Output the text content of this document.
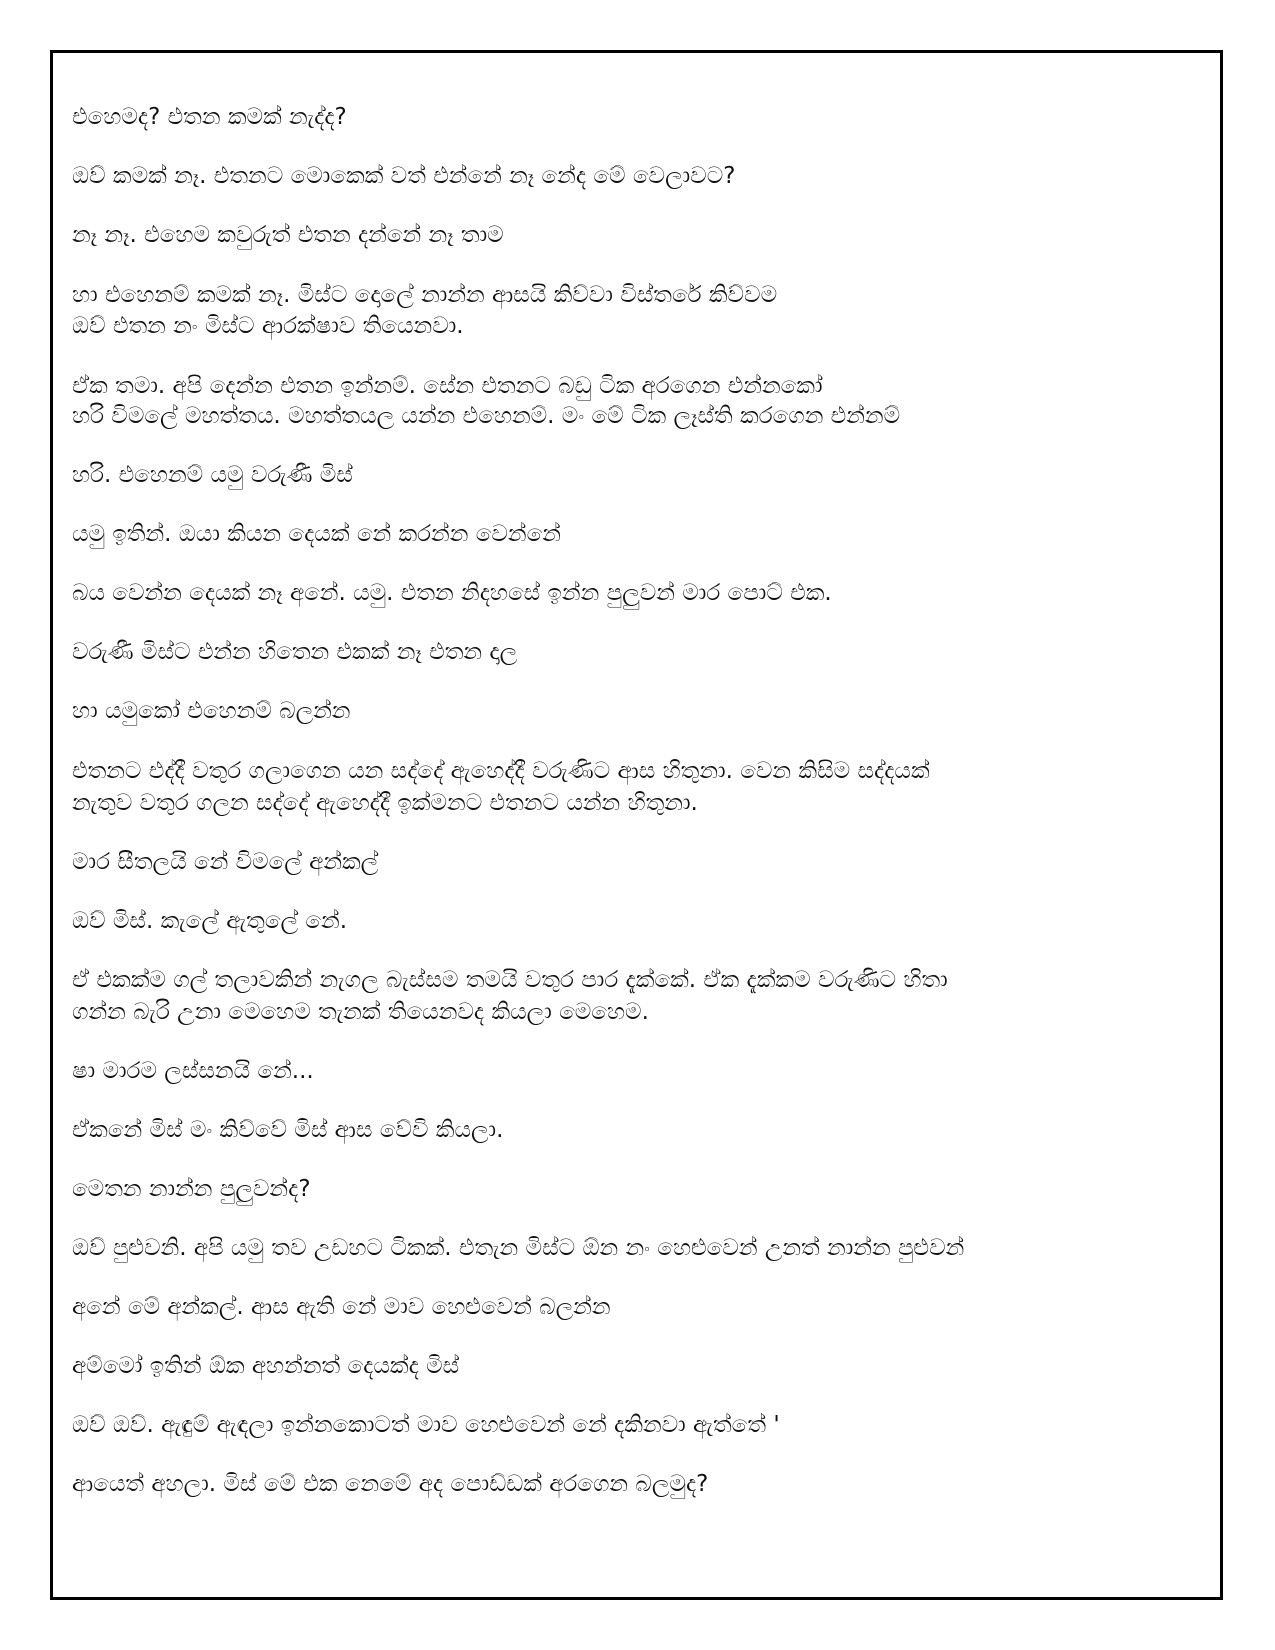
එහෙමද? එතන කමක් නැද්ද?
ඔව් කමක් නෑ. එතනට මොකෙක් වත් එන්නේ නෑ නේද මේ වෙලාවට?
නෑ නෑ. එහෙම කවුරුත් එතන දන්නේ නෑ තාම
හා එහෙනම් කමක් නෑ. මිස්ට දොලේ නාන්න ආසයි කිව්වා විස්තරේ කිව්වම
ඔව් එතන නං මිස්ට ආරක්ෂාව තියෙනවා.
ඒක තමා. අපි දෙන්න එතන ඉන්නම්. සේන එතනට බඩු ටික අරගෙන එන්නකෝ
හරි විමලේ මහත්තය. මහත්තයල යන්න එහෙනම්. මං මේ ටික ලෑස්ති කරගෙන එන්නම්
හරි. එහෙනම් යමු වරුණී මිස්
යමු ඉතින්. ඔයා කියන දෙයක් නේ කරන්න වෙන්නේ
බය වෙන්න දෙයක් නෑ අනේ. යමු. එතන නිදහසේ ඉන්න පුලුවන් මාර පොට් එක.
වරුණී මිස්ට එන්න හිතෙන එකක් නෑ එතන දාල
හා යමුකෝ එහෙනම් බලන්න
එතනට එද්දී වතුර ගලාගෙන යන සද්දේ ඇහෙද්දී වරුණිට ආස හිතුනා. වෙන කිසිම සද්දයක්
නැතුව වතුර ගලන සද්දේ ඇහෙද්දී ඉක්මනට එතනට යන්න හිතුනා.
මාර සීතලයි නේ විමලේ අන්කල්
ඔව් මිස්. කැලේ ඇතුලේ නේ.
ඒ එකක්ම ගල් තලාවකින් නැගල බැස්සම තමයි වතුර පාර දැක්කේ. ඒක දැක්කම වරුණිට හිතා
ගන්න බැරි උනා මෙහෙම තැනක් තියෙනවද කියලා මෙහෙම.
ෂා මාරම ලස්සනයි නේ...
ඒකනේ මිස් මං කිව්වේ මිස් ආස වේවි කියලා.
මෙතන නාන්න පුලුවන්ද?
ඔව් පුළුවනි. අපි යමු තව උඩහට ටිකක්. එතැන මිස්ට ඕන නං හෙළුවෙන් උනත් නාන්න පුළුවන්
අනේ මේ අන්කල්. ආස ඇති නේ මාව හෙළුවෙන් බලන්න
අම්මෝ ඉතින් ඕක අහන්නත් දෙයක්ද මිස්
ඔව් ඔව්. ඇඳුම් ඇඳලා ඉන්නකොටත් මාව හෙළුවෙන් නේ දකිනවා ඇත්තේ '
ආයෙත් අහලා. මිස් මේ එක නෙමේ අද පොඩ්ඩක් අරගෙන බලමුද?
